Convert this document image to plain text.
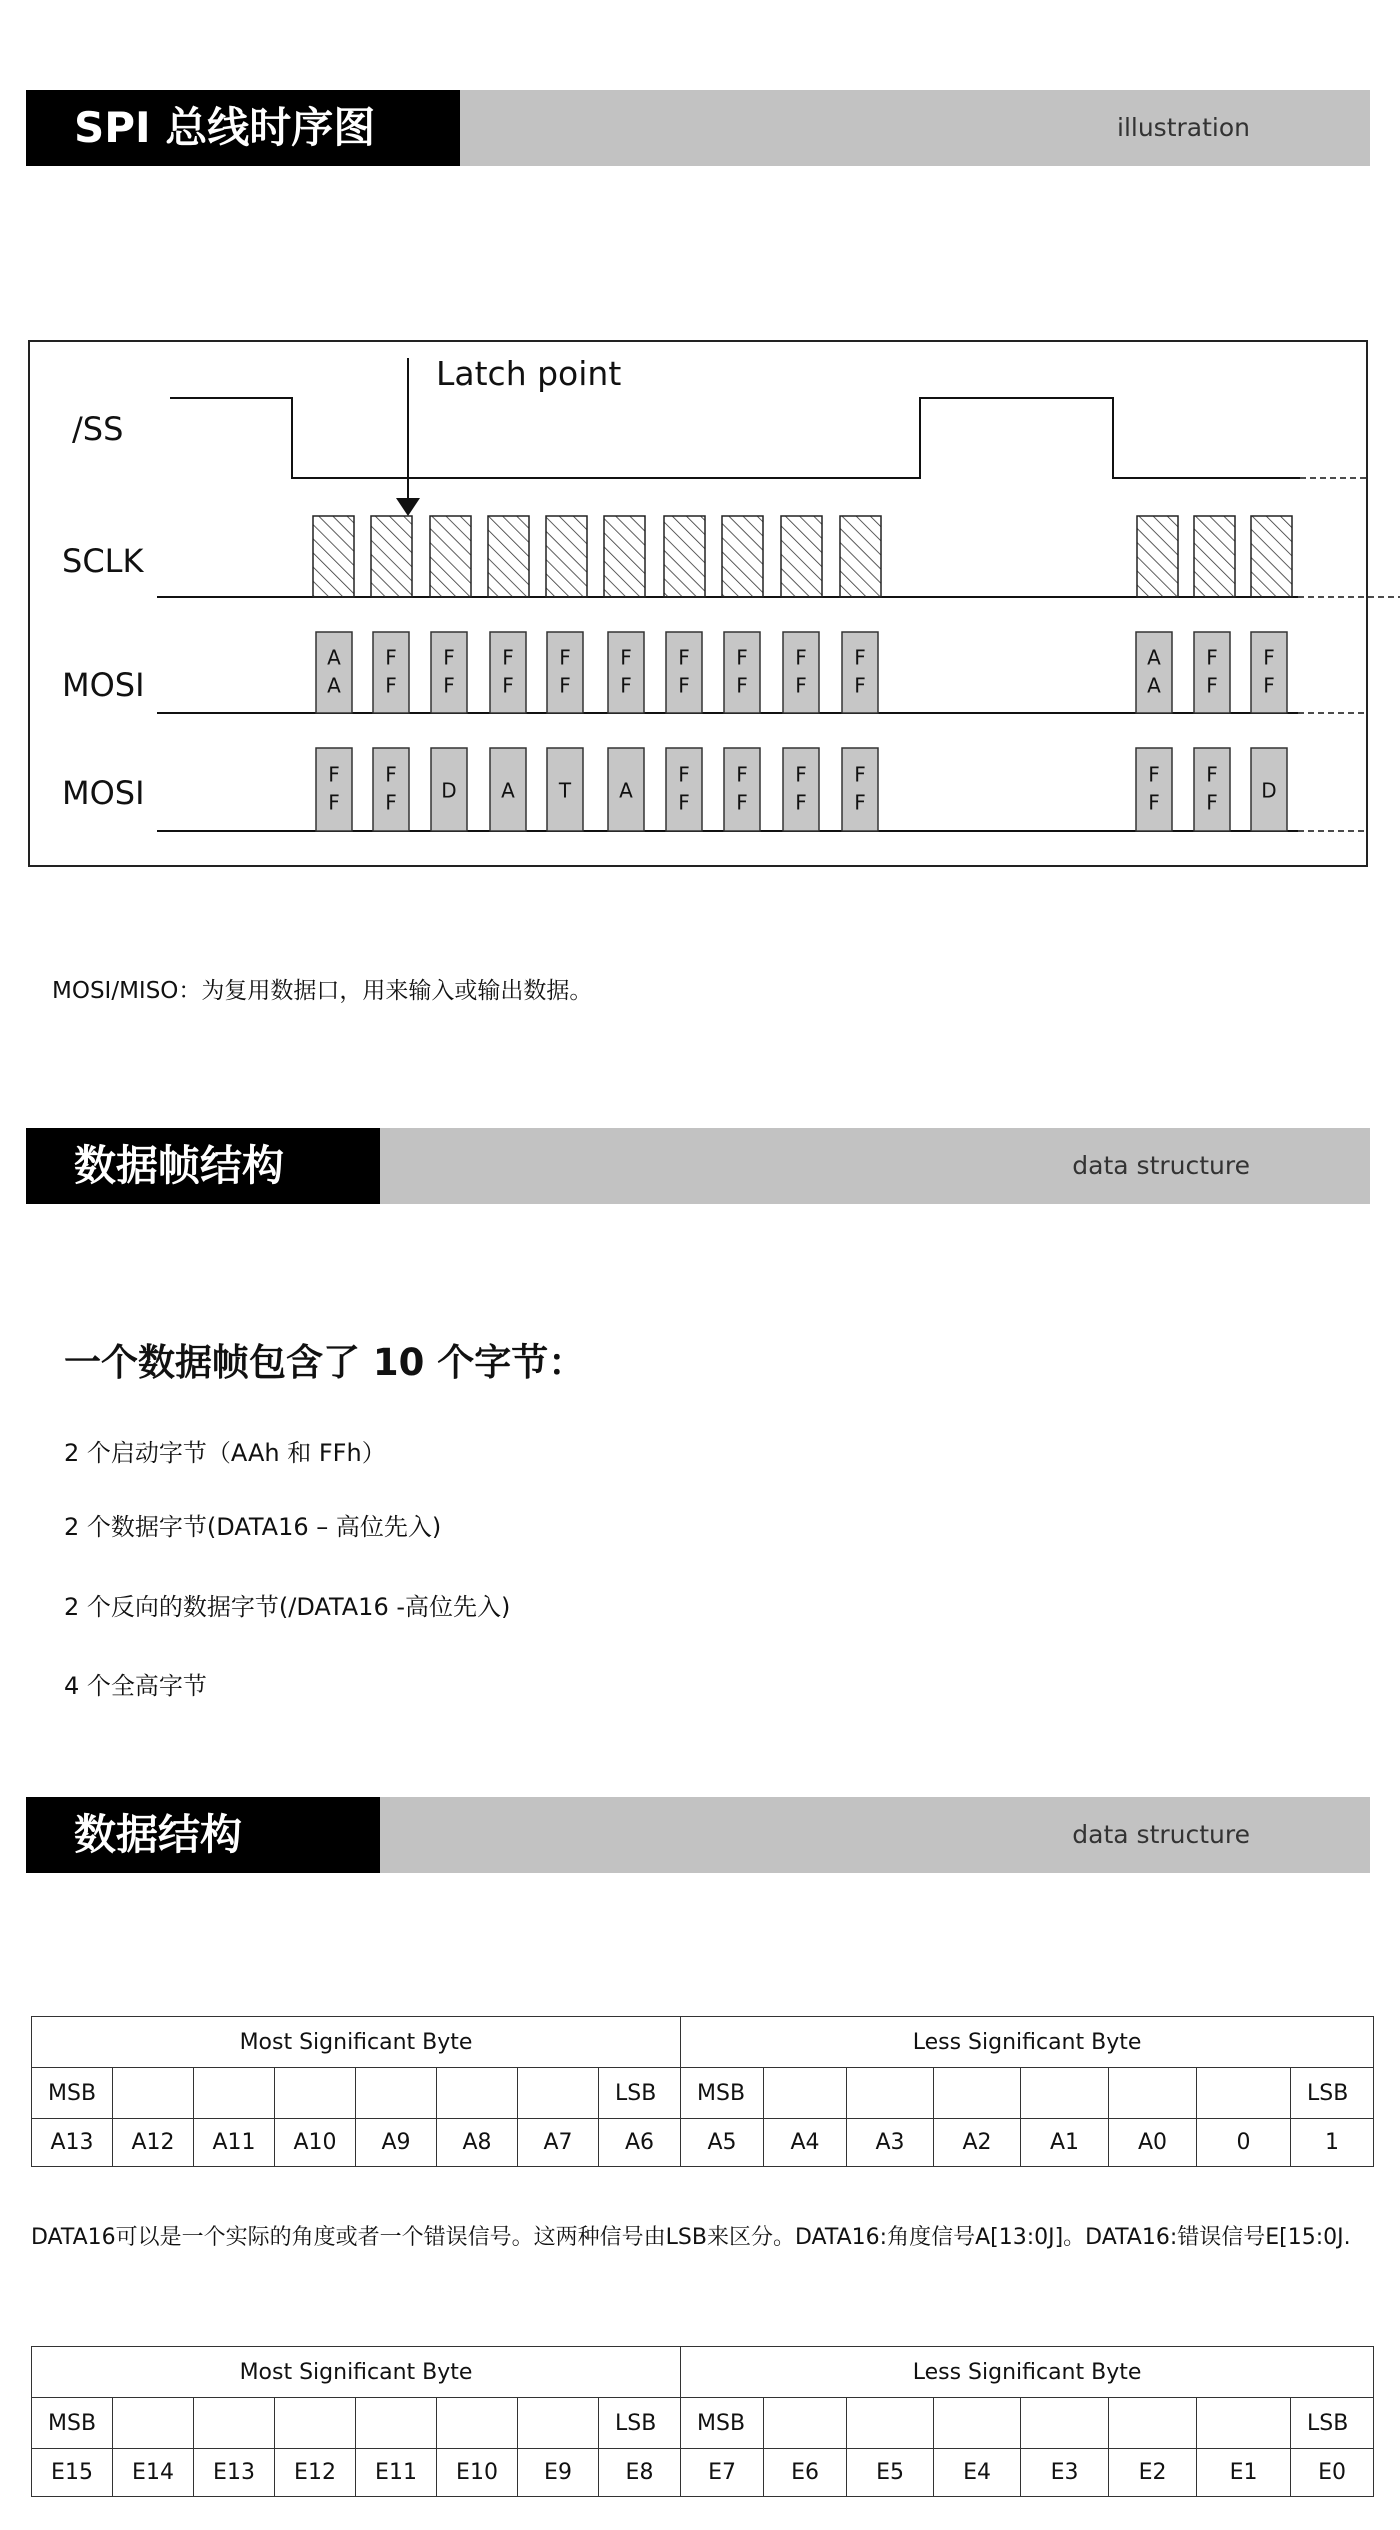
SPI 总线时序图	illustration
/SS
SCLK
MOSI
MOSI
Latch point
A
A
F
F
F
F
F
F
F
F
F
F
F
F
F
F
F
F
F
F
A
A
F
F
F
F
F
F
F
F D A T A
F
F
F
F
F
F
F
F
F
F
F
F D
MOSI/MISO：为复用数据口，用来输入或输出数据。
数据帧结构	data structure
一个数据帧包含了 10 个字节：
2 个启动字节（AAh 和 FFh）
2 个数据字节(DATA16 – 高位先入)
2 个反向的数据字节(/DATA16 -高位先入)
4 个全高字节
数据结构	data structure
Most Significant Byte								Less Significant Byte							
MSB							LSB	MSB							LSB
A13	A12	A11	A10	A9	A8	A7	A6	A5	A4	A3	A2	A1	A0	0	1
DATA16可以是一个实际的角度或者一个错误信号。这两种信号由LSB来区分。DATA16:角度信号A[13:0J]。DATA16:错误信号E[15:0J.
Most Significant Byte								Less Significant Byte							
MSB							LSB	MSB							LSB
E15	E14	E13	E12	E11	E10	E9	E8	E7	E6	E5	E4	E3	E2	E1	E0
